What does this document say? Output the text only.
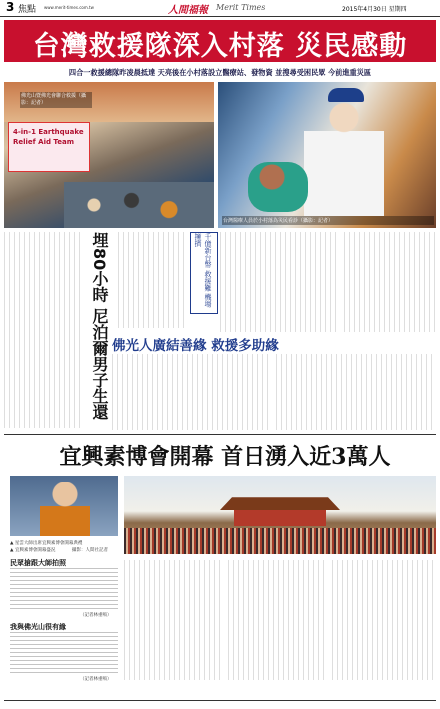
3 焦點 www.merit-times.com.tw	人間福報 Merit Times	2015年4月30日 星期四
台灣救援隊深入村落 災民感動
四合一救援總隊昨凌晨抵達 天亮後在小村落設立醫療站、發物資 並搜尋受困民眾 今前進重災區
4-in-1 Earthquake Relief Aid Team
佛光山暨佛光會聯合救援（攝影：記者）
台灣醫療人員於小村落為災民看診（攝影：記者）
埋80小時 尼泊爾男子生還	千億新台幣 救援難 機場擁擠
佛光人廣結善緣 救援多助緣
宜興素博會開幕 首日湧入近3萬人
▲ 星雲大師出席宜興素博會開幕典禮
▲ 宜興素博會開幕盛況	攝影：人間社記者
民眾搶跟大師拍照
（記者林重鳴）
我與佛光山很有緣
（記者林重鳴）
